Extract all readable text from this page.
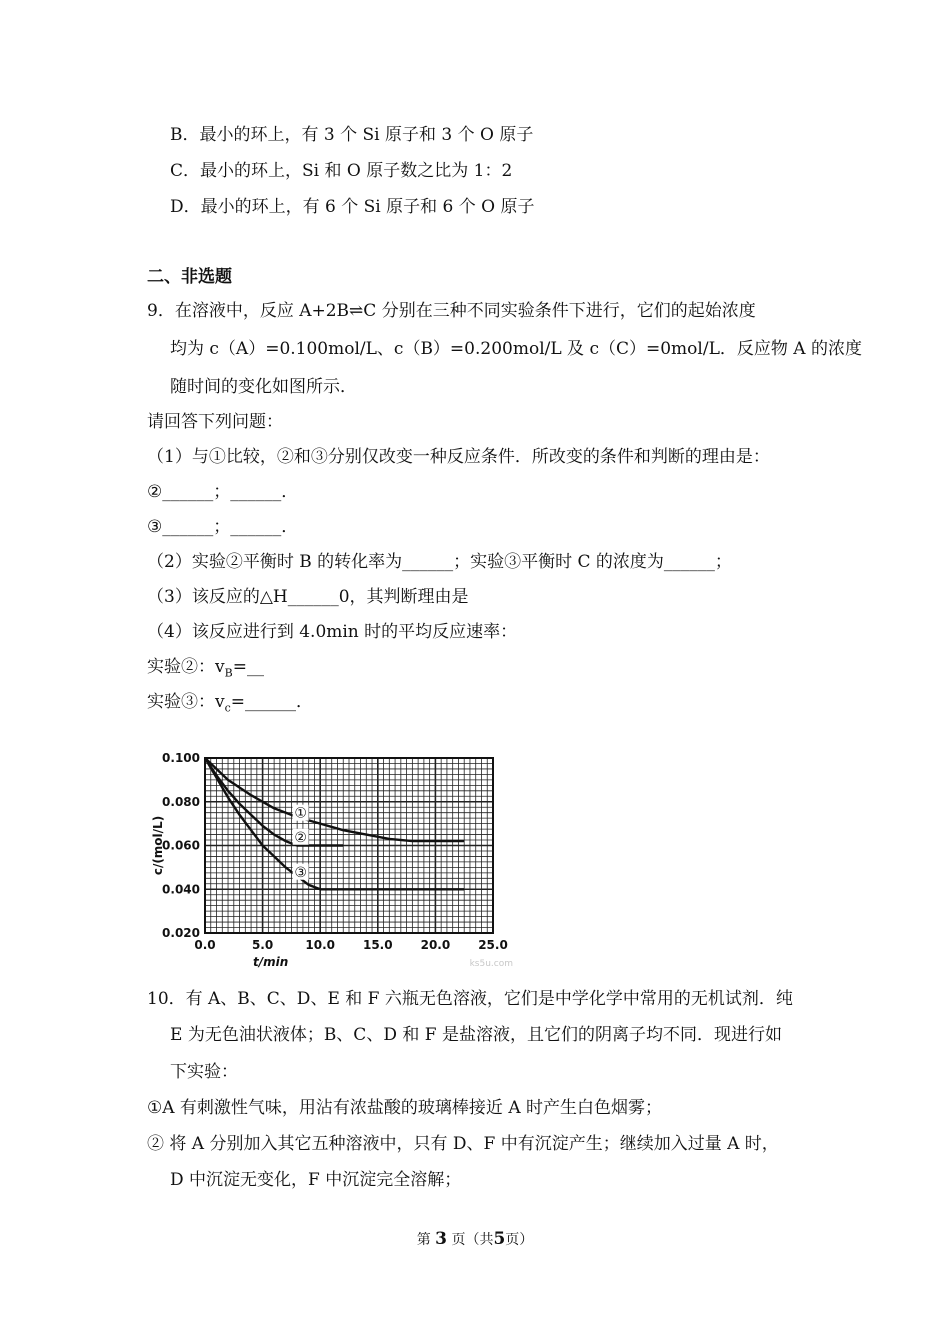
B．最小的环上，有 3 个 Si 原子和 3 个 O 原子
C．最小的环上，Si 和 O 原子数之比为 1：2
D．最小的环上，有 6 个 Si 原子和 6 个 O 原子
二、非选题
9．在溶液中，反应 A+2B⇌C 分别在三种不同实验条件下进行，它们的起始浓度
均为 c（A）=0.100mol/L、c（B）=0.200mol/L 及 c（C）=0mol/L．反应物 A 的浓度
随时间的变化如图所示．
请回答下列问题：
（1）与①比较，②和③分别仅改变一种反应条件．所改变的条件和判断的理由是：
②______；______．
③______；______．
（2）实验②平衡时 B 的转化率为______；实验③平衡时 C 的浓度为______；
（3）该反应的△H______0，其判断理由是
（4）该反应进行到 4.0min 时的平均反应速率：
实验②：$v_B=\_\_$
实验③：$v_c=\_\_\_\_\_\_$．
①
②
③
0.100
0.080
0.060
0.040
0.020
0.0	5.0	10.0 15.0 20.0 25.0
t/min
c/(mol/L)
ks5u.com
10．有 A、B、C、D、E 和 F 六瓶无色溶液，它们是中学化学中常用的无机试剂．纯
E 为无色油状液体；B、C、D 和 F 是盐溶液，且它们的阴离子均不同．现进行如
下实验：
①A 有刺激性气味，用沾有浓盐酸的玻璃棒接近 A 时产生白色烟雾；
② 将 A 分别加入其它五种溶液中，只有 D、F 中有沉淀产生；继续加入过量 A 时，
D 中沉淀无变化，F 中沉淀完全溶解；
第 3 页（共5页）
